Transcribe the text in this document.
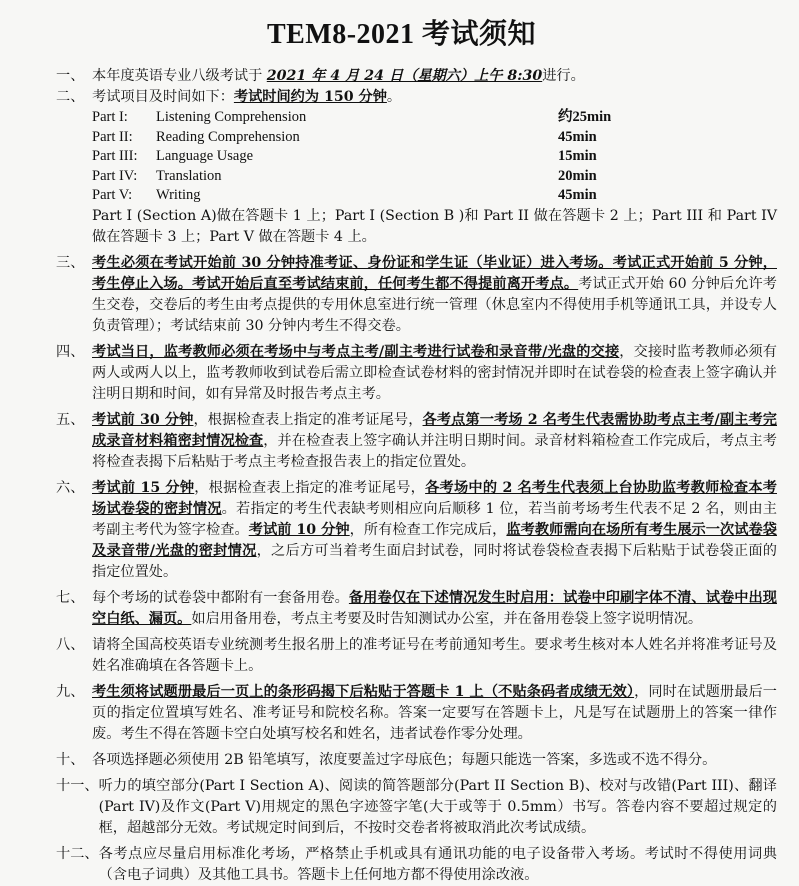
TEM8-2021 考试须知
一、 本年度英语专业八级考试于 2021 年 4 月 24 日（星期六）上午 8:30进行。
二、 考试项目及时间如下：考试时间约为 150 分钟。
Part I:	Listening Comprehension	约25min
Part II:	Reading Comprehension	45min
Part III:	Language Usage	15min
Part IV:	Translation	20min
Part V:	Writing	45min
Part I (Section A)做在答题卡 1 上；Part I (Section B )和 Part II 做在答题卡 2 上；Part III 和 Part IV 做在答题卡 3 上；Part V 做在答题卡 4 上。
三、 考生必须在考试开始前 30 分钟持准考证、身份证和学生证（毕业证）进入考场。考试正式开始前 5 分钟，考生停止入场。考试开始后直至考试结束前，任何考生都不得提前离开考点。考试正式开始 60 分钟后允许考生交卷，交卷后的考生由考点提供的专用休息室进行统一管理（休息室内不得使用手机等通讯工具，并设专人负责管理）；考试结束前 30 分钟内考生不得交卷。
四、 考试当日，监考教师必须在考场中与考点主考/副主考进行试卷和录音带/光盘的交接，交接时监考教师必须有两人或两人以上，监考教师收到试卷后需立即检查试卷材料的密封情况并即时在试卷袋的检查表上签字确认并注明日期和时间，如有异常及时报告考点主考。
五、 考试前 30 分钟，根据检查表上指定的准考证尾号，各考点第一考场 2 名考生代表需协助考点主考/副主考完成录音材料箱密封情况检查，并在检查表上签字确认并注明日期时间。录音材料箱检查工作完成后，考点主考将检查表揭下后粘贴于考点主考检查报告表上的指定位置处。
六、 考试前 15 分钟，根据检查表上指定的准考证尾号，各考场中的 2 名考生代表须上台协助监考教师检查本考场试卷袋的密封情况。若指定的考生代表缺考则相应向后顺移 1 位，若当前考场考生代表不足 2 名，则由主考副主考代为签字检查。考试前 10 分钟，所有检查工作完成后，监考教师需向在场所有考生展示一次试卷袋及录音带/光盘的密封情况，之后方可当着考生面启封试卷，同时将试卷袋检查表揭下后粘贴于试卷袋正面的指定位置处。
七、 每个考场的试卷袋中都附有一套备用卷。备用卷仅在下述情况发生时启用：试卷中印刷字体不清、试卷中出现空白纸、漏页。如启用备用卷，考点主考要及时告知测试办公室，并在备用卷袋上签字说明情况。
八、 请将全国高校英语专业统测考生报名册上的准考证号在考前通知考生。要求考生核对本人姓名并将准考证号及姓名准确填在各答题卡上。
九、 考生须将试题册最后一页上的条形码揭下后粘贴于答题卡 1 上（不贴条码者成绩无效），同时在试题册最后一页的指定位置填写姓名、准考证号和院校名称。答案一定要写在答题卡上，凡是写在试题册上的答案一律作废。考生不得在答题卡空白处填写校名和姓名，违者试卷作零分处理。
十、 各项选择题必须使用 2B 铅笔填写，浓度要盖过字母底色；每题只能选一答案，多选或不选不得分。
十一、 听力的填空部分(Part I Section A)、阅读的简答题部分(Part II Section B)、校对与改错(Part III)、翻译(Part IV)及作文(Part V)用规定的黑色字迹签字笔(大于或等于 0.5mm）书写。答卷内容不要超过规定的框，超越部分无效。考试规定时间到后，不按时交卷者将被取消此次考试成绩。
十二、 各考点应尽量启用标准化考场，严格禁止手机或具有通讯功能的电子设备带入考场。考试时不得使用词典（含电子词典）及其他工具书。答题卡上任何地方都不得使用涂改液。
